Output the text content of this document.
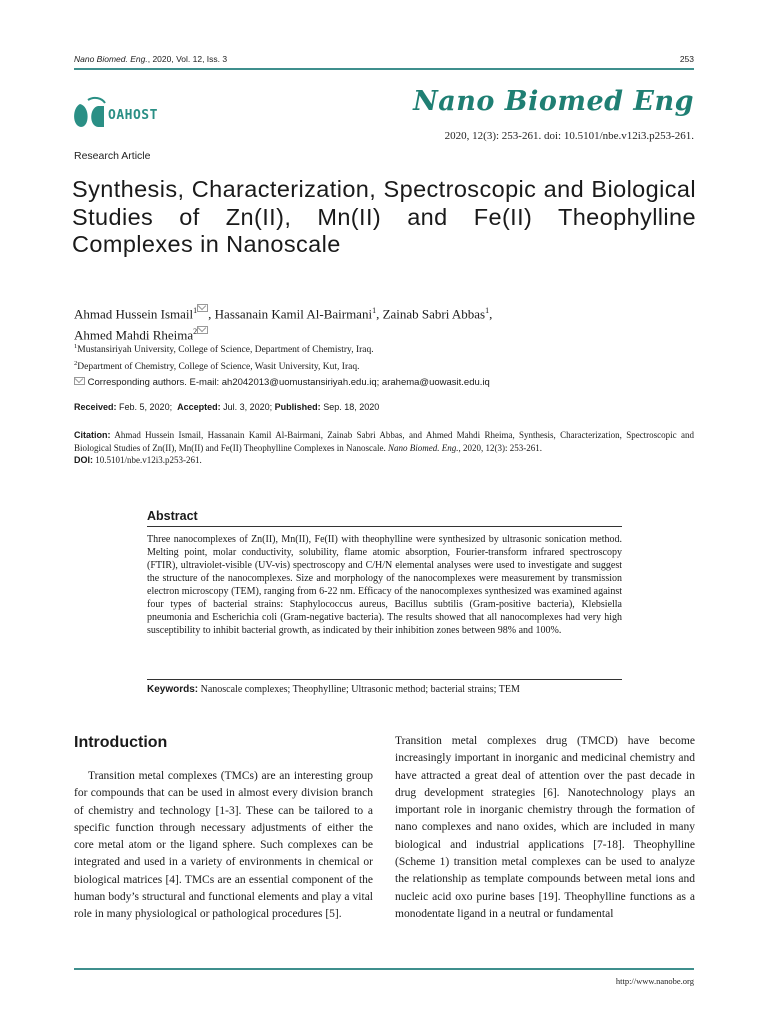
Nano Biomed. Eng., 2020, Vol. 12, Iss. 3	253
OAHOST	Nano Biomed Eng
2020, 12(3): 253-261. doi: 10.5101/nbe.v12i3.p253-261.
Research Article
Synthesis, Characterization, Spectroscopic and Biological Studies of Zn(II), Mn(II) and Fe(II) Theophylline Complexes in Nanoscale
Ahmad Hussein Ismail$^1$ , Hassanain Kamil Al-Bairmani$^1$, Zainab Sabri Abbas$^1$,
Ahmed Mahdi Rheima$^2$
$^1$Mustansiriyah University, College of Science, Department of Chemistry, Iraq.
$^2$Department of Chemistry, College of Science, Wasit University, Kut, Iraq.
Corresponding authors. E-mail: ah2042013@uomustansiriyah.edu.iq; arahema@uowasit.edu.iq
Received: Feb. 5, 2020; Accepted: Jul. 3, 2020; Published: Sep. 18, 2020
Citation: Ahmad Hussein Ismail, Hassanain Kamil Al-Bairmani, Zainab Sabri Abbas, and Ahmed Mahdi Rheima, Synthesis, Characterization, Spectroscopic and Biological Studies of Zn(II), Mn(II) and Fe(II) Theophylline Complexes in Nanoscale. Nano Biomed. Eng., 2020, 12(3): 253-261.
DOI: 10.5101/nbe.v12i3.p253-261.
Abstract
Three nanocomplexes of Zn(II), Mn(II), Fe(II) with theophylline were synthesized by ultrasonic sonication method. Melting point, molar conductivity, solubility, flame atomic absorption, Fourier-transform infrared spectroscopy (FTIR), ultraviolet-visible (UV-vis) spectroscopy and C/H/N elemental analyses were used to investigate and suggest the structure of the nanocomplexes. Size and morphology of the nanocomplexes were measurement by transmission electron microscopy (TEM), ranging from 6-22 nm. Efficacy of the nanocomplexes synthesized was examined against four types of bacterial strains: Staphylococcus aureus, Bacillus subtilis (Gram-positive bacteria), Klebsiella pneumonia and Escherichia coli (Gram-negative bacteria). The results showed that all nanocomplexes had very high susceptibility to inhibit bacterial growth, as indicated by their inhibition zones between 98% and 100%.
Keywords: Nanoscale complexes; Theophylline; Ultrasonic method; bacterial strains; TEM
Introduction
Transition metal complexes (TMCs) are an interesting group for compounds that can be used in almost every division branch of chemistry and technology [1-3]. These can be tailored to a specific function through necessary adjustments of either the core metal atom or the ligand sphere. Such complexes can be integrated and used in a variety of environments in chemical or biological matrices [4]. TMCs are an essential component of the human body’s structural and functional elements and play a vital role in many physiological or pathological procedures [5].
Transition metal complexes drug (TMCD) have become increasingly important in inorganic and medicinal chemistry and have attracted a great deal of attention over the past decade in drug development strategies [6]. Nanotechnology plays an important role in inorganic chemistry through the formation of nano complexes and nano oxides, which are included in many biological and industrial applications [7-18]. Theophylline (Scheme 1) transition metal complexes can be used to analyze the relationship as template compounds between metal ions and nucleic acid oxo purine bases [19]. Theophylline functions as a monodentate ligand in a neutral or fundamental
http://www.nanobe.org
